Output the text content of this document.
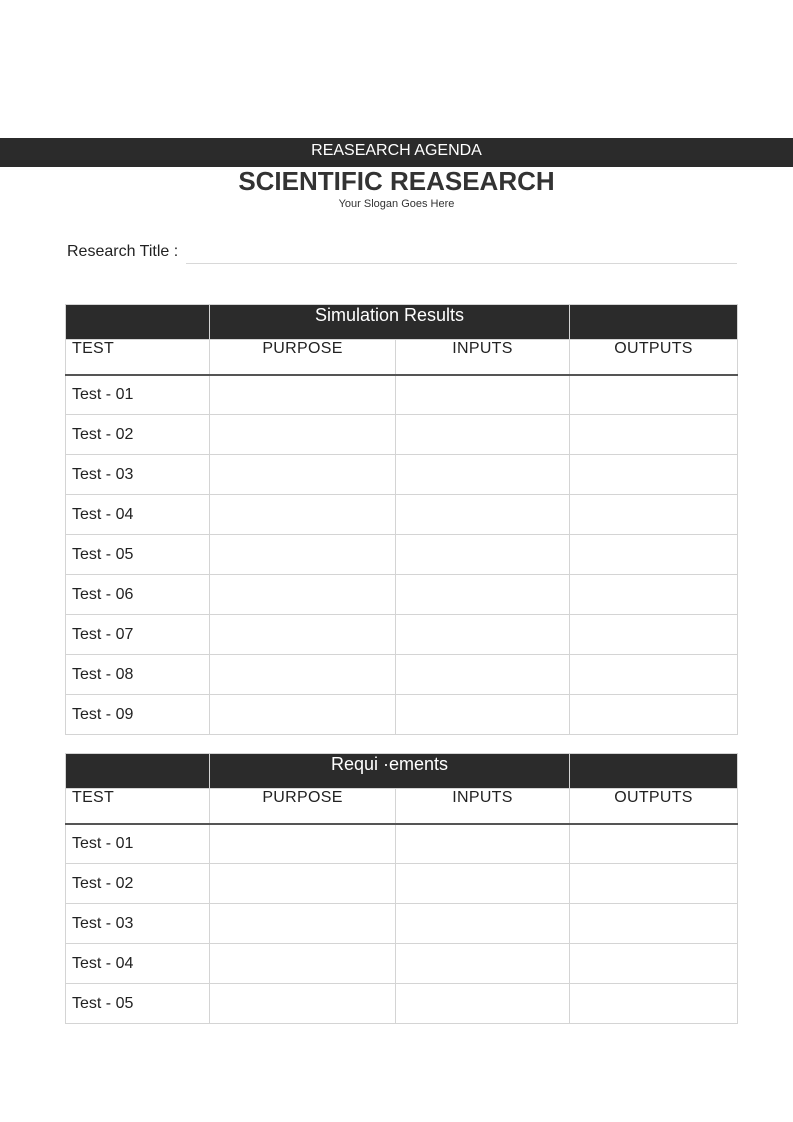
REASEARCH AGENDA
SCIENTIFIC REASEARCH
Your Slogan Goes Here
Research Title :
	Simulation Results		
TEST	PURPOSE	INPUTS	OUTPUTS
Test - 01			
Test - 02			
Test - 03			
Test - 04			
Test - 05			
Test - 06			
Test - 07			
Test - 08			
Test - 09			
	Requi ·ements		
TEST	PURPOSE	INPUTS	OUTPUTS
Test - 01			
Test - 02			
Test - 03			
Test - 04			
Test - 05			
